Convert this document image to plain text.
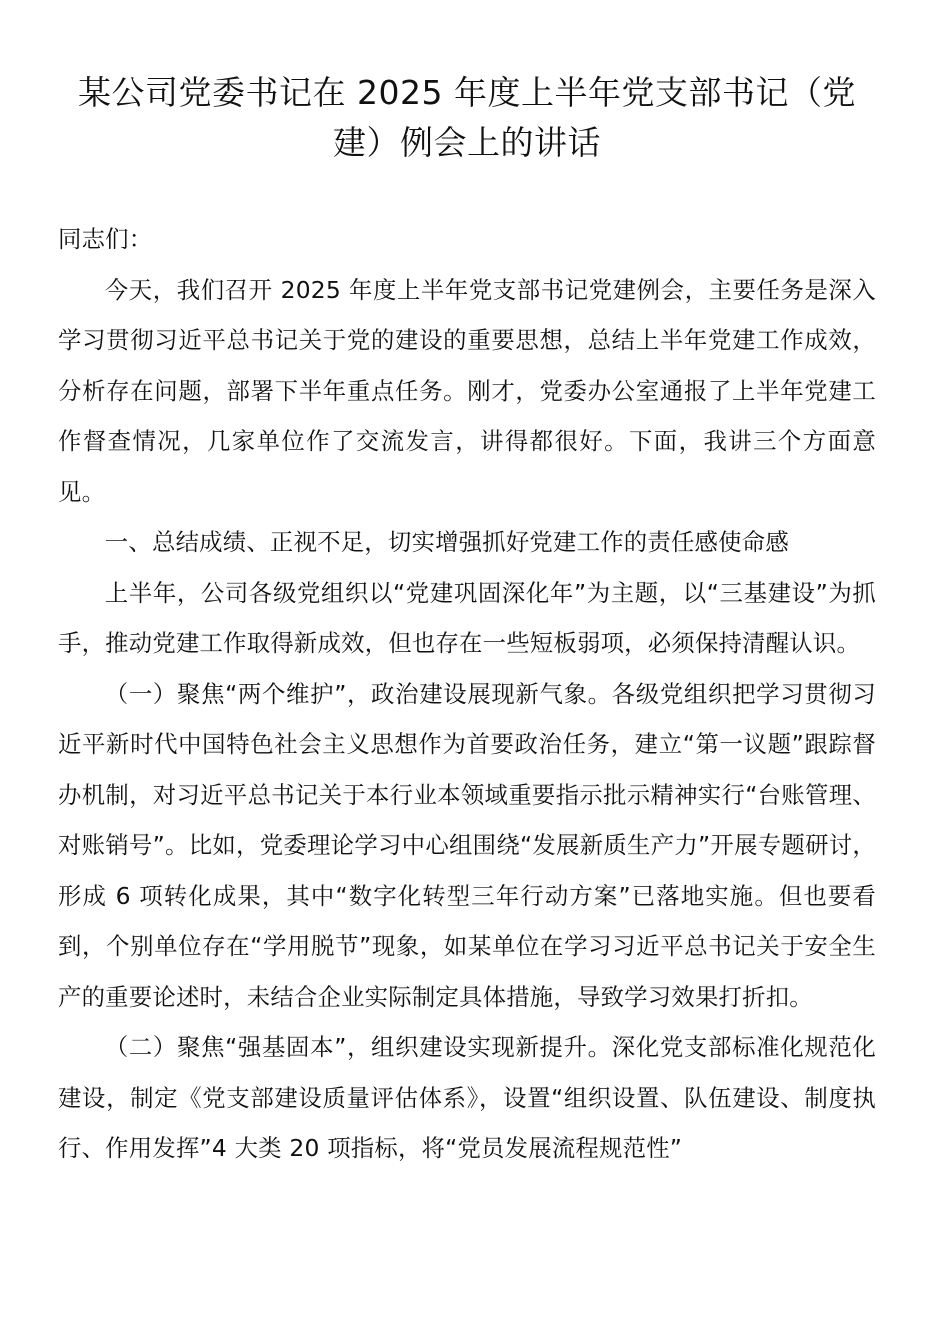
某公司党委书记在 2025 年度上半年党支部书记（党建）例会上的讲话

同志们：

今天，我们召开 2025 年度上半年党支部书记党建例会，主要任务是深入学习贯彻习近平总书记关于党的建设的重要思想，总结上半年党建工作成效，分析存在问题，部署下半年重点任务。刚才，党委办公室通报了上半年党建工作督查情况，几家单位作了交流发言，讲得都很好。下面，我讲三个方面意见。

一、总结成绩、正视不足，切实增强抓好党建工作的责任感使命感

上半年，公司各级党组织以“党建巩固深化年”为主题，以“三基建设”为抓手，推动党建工作取得新成效，但也存在一些短板弱项，必须保持清醒认识。

（一）聚焦“两个维护”，政治建设展现新气象。各级党组织把学习贯彻习近平新时代中国特色社会主义思想作为首要政治任务，建立“第一议题”跟踪督办机制，对习近平总书记关于本行业本领域重要指示批示精神实行“台账管理、对账销号”。比如，党委理论学习中心组围绕“发展新质生产力”开展专题研讨，形成 6 项转化成果，其中“数字化转型三年行动方案”已落地实施。但也要看到，个别单位存在“学用脱节”现象，如某单位在学习习近平总书记关于安全生产的重要论述时，未结合企业实际制定具体措施，导致学习效果打折扣。

（二）聚焦“强基固本”，组织建设实现新提升。深化党支部标准化规范化建设，制定《党支部建设质量评估体系》，设置“组织设置、队伍建设、制度执行、作用发挥”4 大类 20 项指标，将“党员发展流程规范性”
